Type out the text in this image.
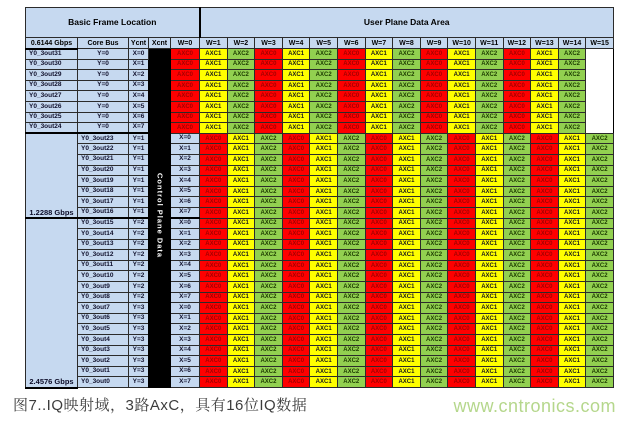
Basic Frame Location					User Plane Data Area														

0.6144 Gbps	Core Bus	Ycnt	Xcnt	W=0	W=1	W=2	W=3	W=4	W=5	W=6	W=7	W=8	W=9	W=10	W=11	W=12	W=13	W=14	W=15
Y0_3out31	Y=0	X=0	Control Plane Data	AXC0	AXC1	AXC2	AXC0	AXC1	AXC2	AXC0	AXC1	AXC2	AXC0	AXC1	AXC2	AXC0	AXC1	AXC2	
Y0_3out30	Y=0	X=1		AXC0	AXC1	AXC2	AXC0	AXC1	AXC2	AXC0	AXC1	AXC2	AXC0	AXC1	AXC2	AXC0	AXC1	AXC2	
Y0_3out29	Y=0	X=2		AXC0	AXC1	AXC2	AXC0	AXC1	AXC2	AXC0	AXC1	AXC2	AXC0	AXC1	AXC2	AXC0	AXC1	AXC2	
Y0_3out28	Y=0	X=3		AXC0	AXC1	AXC2	AXC0	AXC1	AXC2	AXC0	AXC1	AXC2	AXC0	AXC1	AXC2	AXC0	AXC1	AXC2	
Y0_3out27	Y=0	X=4		AXC0	AXC1	AXC2	AXC0	AXC1	AXC2	AXC0	AXC1	AXC2	AXC0	AXC1	AXC2	AXC0	AXC1	AXC2	
Y0_3out26	Y=0	X=5		AXC0	AXC1	AXC2	AXC0	AXC1	AXC2	AXC0	AXC1	AXC2	AXC0	AXC1	AXC2	AXC0	AXC1	AXC2	
Y0_3out25	Y=0	X=6		AXC0	AXC1	AXC2	AXC0	AXC1	AXC2	AXC0	AXC1	AXC2	AXC0	AXC1	AXC2	AXC0	AXC1	AXC2	
Y0_3out24	Y=0	X=7		AXC0	AXC1	AXC2	AXC0	AXC1	AXC2	AXC0	AXC1	AXC2	AXC0	AXC1	AXC2	AXC0	AXC1	AXC2	

1.2288 Gbps	Y0_3out23	Y=1		X=0	AXC0	AXC1	AXC2	AXC0	AXC1	AXC2	AXC0	AXC1	AXC2	AXC0	AXC1	AXC2	AXC0	AXC1	AXC2
	Y0_3out22	Y=1		X=1	AXC0	AXC1	AXC2	AXC0	AXC1	AXC2	AXC0	AXC1	AXC2	AXC0	AXC1	AXC2	AXC0	AXC1	AXC2
	Y0_3out21	Y=1		X=2	AXC0	AXC1	AXC2	AXC0	AXC1	AXC2	AXC0	AXC1	AXC2	AXC0	AXC1	AXC2	AXC0	AXC1	AXC2
	Y0_3out20	Y=1		X=3	AXC0	AXC1	AXC2	AXC0	AXC1	AXC2	AXC0	AXC1	AXC2	AXC0	AXC1	AXC2	AXC0	AXC1	AXC2
	Y0_3out19	Y=1		X=4	AXC0	AXC1	AXC2	AXC0	AXC1	AXC2	AXC0	AXC1	AXC2	AXC0	AXC1	AXC2	AXC0	AXC1	AXC2
	Y0_3out18	Y=1		X=5	AXC0	AXC1	AXC2	AXC0	AXC1	AXC2	AXC0	AXC1	AXC2	AXC0	AXC1	AXC2	AXC0	AXC1	AXC2
	Y0_3out17	Y=1		X=6	AXC0	AXC1	AXC2	AXC0	AXC1	AXC2	AXC0	AXC1	AXC2	AXC0	AXC1	AXC2	AXC0	AXC1	AXC2
	Y0_3out16	Y=1		X=7	AXC0	AXC1	AXC2	AXC0	AXC1	AXC2	AXC0	AXC1	AXC2	AXC0	AXC1	AXC2	AXC0	AXC1	AXC2

2.4576 Gbps	Y0_3out15	Y=2		X=0	AXC0	AXC1	AXC2	AXC0	AXC1	AXC2	AXC0	AXC1	AXC2	AXC0	AXC1	AXC2	AXC0	AXC1	AXC2
	Y0_3out14	Y=2		X=1	AXC0	AXC1	AXC2	AXC0	AXC1	AXC2	AXC0	AXC1	AXC2	AXC0	AXC1	AXC2	AXC0	AXC1	AXC2
	Y0_3out13	Y=2		X=2	AXC0	AXC1	AXC2	AXC0	AXC1	AXC2	AXC0	AXC1	AXC2	AXC0	AXC1	AXC2	AXC0	AXC1	AXC2
	Y0_3out12	Y=2		X=3	AXC0	AXC1	AXC2	AXC0	AXC1	AXC2	AXC0	AXC1	AXC2	AXC0	AXC1	AXC2	AXC0	AXC1	AXC2
	Y0_3out11	Y=2		X=4	AXC0	AXC1	AXC2	AXC0	AXC1	AXC2	AXC0	AXC1	AXC2	AXC0	AXC1	AXC2	AXC0	AXC1	AXC2
	Y0_3out10	Y=2		X=5	AXC0	AXC1	AXC2	AXC0	AXC1	AXC2	AXC0	AXC1	AXC2	AXC0	AXC1	AXC2	AXC0	AXC1	AXC2
	Y0_3out9	Y=2		X=6	AXC0	AXC1	AXC2	AXC0	AXC1	AXC2	AXC0	AXC1	AXC2	AXC0	AXC1	AXC2	AXC0	AXC1	AXC2
	Y0_3out8	Y=2		X=7	AXC0	AXC1	AXC2	AXC0	AXC1	AXC2	AXC0	AXC1	AXC2	AXC0	AXC1	AXC2	AXC0	AXC1	AXC2
	Y0_3out7	Y=3		X=0	AXC0	AXC1	AXC2	AXC0	AXC1	AXC2	AXC0	AXC1	AXC2	AXC0	AXC1	AXC2	AXC0	AXC1	AXC2
	Y0_3out6	Y=3		X=1	AXC0	AXC1	AXC2	AXC0	AXC1	AXC2	AXC0	AXC1	AXC2	AXC0	AXC1	AXC2	AXC0	AXC1	AXC2
	Y0_3out5	Y=3		X=2	AXC0	AXC1	AXC2	AXC0	AXC1	AXC2	AXC0	AXC1	AXC2	AXC0	AXC1	AXC2	AXC0	AXC1	AXC2
	Y0_3out4	Y=3		X=3	AXC0	AXC1	AXC2	AXC0	AXC1	AXC2	AXC0	AXC1	AXC2	AXC0	AXC1	AXC2	AXC0	AXC1	AXC2
	Y0_3out3	Y=3		X=4	AXC0	AXC1	AXC2	AXC0	AXC1	AXC2	AXC0	AXC1	AXC2	AXC0	AXC1	AXC2	AXC0	AXC1	AXC2
	Y0_3out2	Y=3		X=5	AXC0	AXC1	AXC2	AXC0	AXC1	AXC2	AXC0	AXC1	AXC2	AXC0	AXC1	AXC2	AXC0	AXC1	AXC2
	Y0_3out1	Y=3		X=6	AXC0	AXC1	AXC2	AXC0	AXC1	AXC2	AXC0	AXC1	AXC2	AXC0	AXC1	AXC2	AXC0	AXC1	AXC2
	Y0_3out0	Y=3		X=7	AXC0	AXC1	AXC2	AXC0	AXC1	AXC2	AXC0	AXC1	AXC2	AXC0	AXC1	AXC2	AXC0	AXC1	AXC2
图7..IQ映射域，3路AxC，具有16位IQ数据	www.cntronics.com
